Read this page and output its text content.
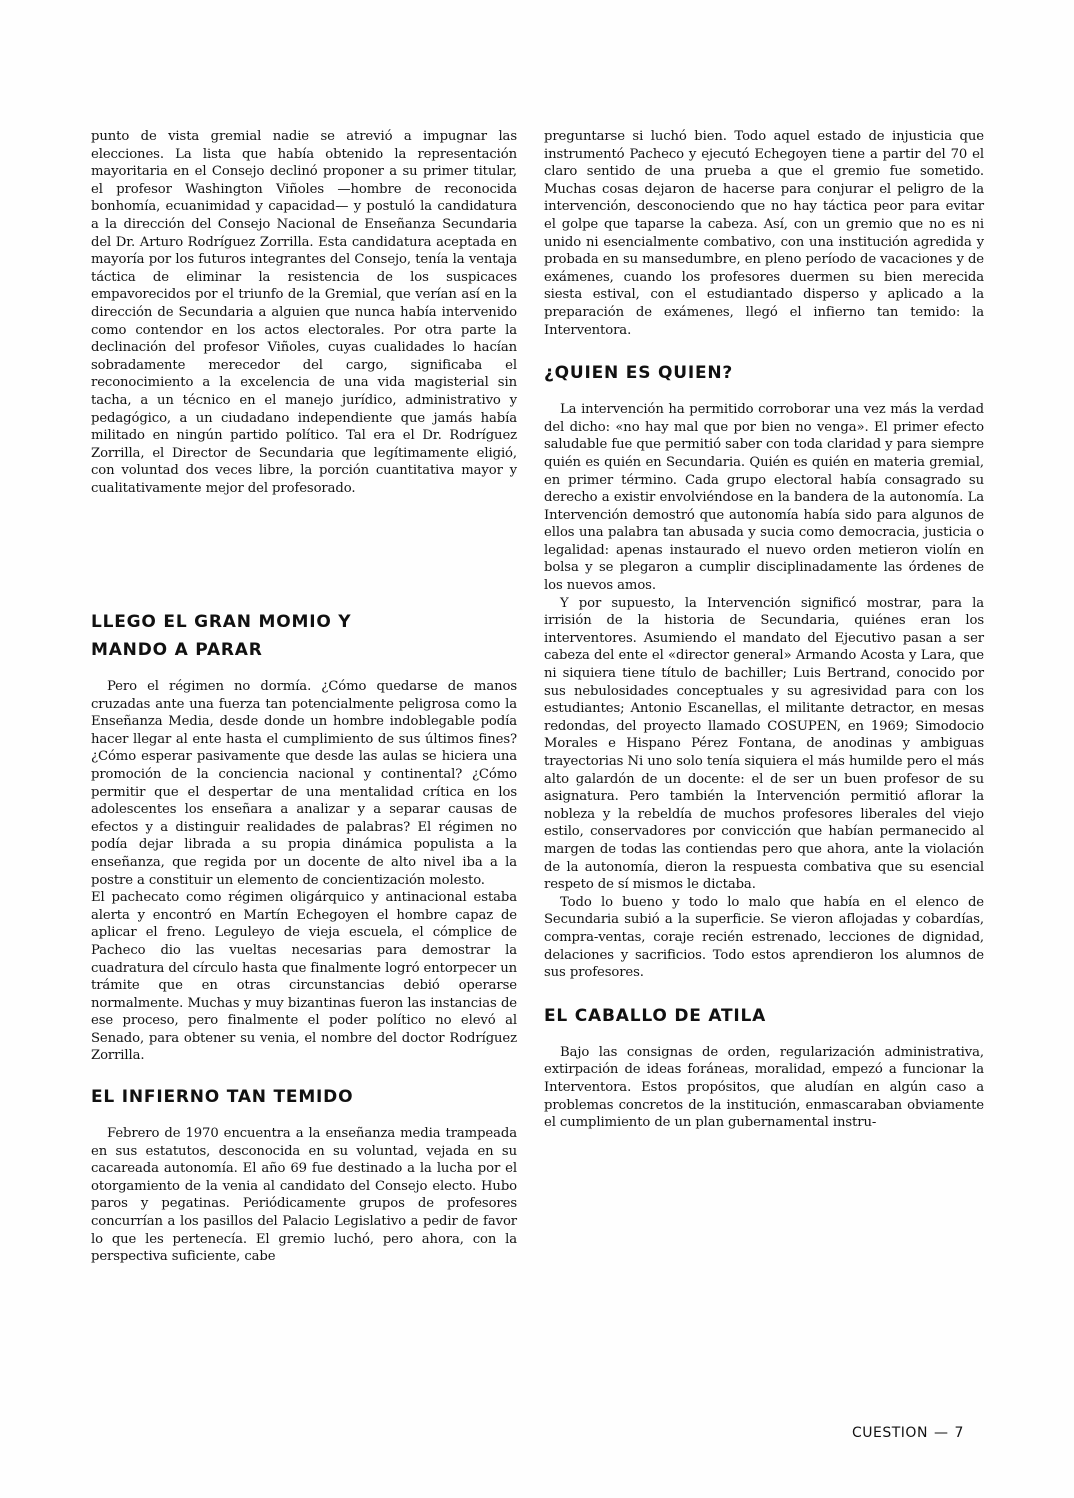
punto de vista gremial nadie se atrevió a impugnar las elecciones. La lista que había obtenido la representación mayoritaria en el Consejo declinó proponer a su primer titular, el profesor Washington Viñoles —hombre de reconocida bonhomía, ecuanimidad y capacidad— y postuló la candidatura a la dirección del Consejo Nacional de Enseñanza Secundaria del Dr. Arturo Rodríguez Zorrilla. Esta candidatura aceptada en mayoría por los futuros integrantes del Consejo, tenía la ventaja táctica de eliminar la resistencia de los suspicaces empavorecidos por el triunfo de la Gremial, que verían así en la dirección de Secundaria a alguien que nunca había intervenido como contendor en los actos electorales. Por otra parte la declinación del profesor Viñoles, cuyas cualidades lo hacían sobradamente merecedor del cargo, significaba el reconocimiento a la excelencia de una vida magisterial sin tacha, a un técnico en el manejo jurídico, administrativo y pedagógico, a un ciudadano independiente que jamás había militado en ningún partido político. Tal era el Dr. Rodríguez Zorrilla, el Director de Secundaria que legítimamente eligió, con voluntad dos veces libre, la porción cuantitativa mayor y cualitativamente mejor del profesorado.

LLEGO EL GRAN MOMIO Y MANDO A PARAR

Pero el régimen no dormía. ¿Cómo quedarse de manos cruzadas ante una fuerza tan potencialmente peligrosa como la Enseñanza Media, desde donde un hombre indoblegable podía hacer llegar al ente hasta el cumplimiento de sus últimos fines? ¿Cómo esperar pasivamente que desde las aulas se hiciera una promoción de la conciencia nacional y continental? ¿Cómo permitir que el despertar de una mentalidad crítica en los adolescentes los enseñara a analizar y a separar causas de efectos y a distinguir realidades de palabras? El régimen no podía dejar librada a su propia dinámica populista a la enseñanza, que regida por un docente de alto nivel iba a la postre a constituir un elemento de concientización molesto.

El pachecato como régimen oligárquico y antinacional estaba alerta y encontró en Martín Echegoyen el hombre capaz de aplicar el freno. Leguleyo de vieja escuela, el cómplice de Pacheco dio las vueltas necesarias para demostrar la cuadratura del círculo hasta que finalmente logró entorpecer un trámite que en otras circunstancias debió operarse normalmente. Muchas y muy bizantinas fueron las instancias de ese proceso, pero finalmente el poder político no elevó al Senado, para obtener su venia, el nombre del doctor Rodríguez Zorrilla.

EL INFIERNO TAN TEMIDO

Febrero de 1970 encuentra a la enseñanza media trampeada en sus estatutos, desconocida en su voluntad, vejada en su cacareada autonomía. El año 69 fue destinado a la lucha por el otorgamiento de la venia al candidato del Consejo electo. Hubo paros y pegatinas. Periódicamente grupos de profesores concurrían a los pasillos del Palacio Legislativo a pedir de favor lo que les pertenecía. El gremio luchó, pero ahora, con la perspectiva suficiente, cabe

preguntarse si luchó bien. Todo aquel estado de injusticia que instrumentó Pacheco y ejecutó Echegoyen tiene a partir del 70 el claro sentido de una prueba a que el gremio fue sometido. Muchas cosas dejaron de hacerse para conjurar el peligro de la intervención, desconociendo que no hay táctica peor para evitar el golpe que taparse la cabeza. Así, con un gremio que no es ni unido ni esencialmente combativo, con una institución agredida y probada en su mansedumbre, en pleno período de vacaciones y de exámenes, cuando los profesores duermen su bien merecida siesta estival, con el estudiantado disperso y aplicado a la preparación de exámenes, llegó el infierno tan temido: la Interventora.

¿QUIEN ES QUIEN?

La intervención ha permitido corroborar una vez más la verdad del dicho: «no hay mal que por bien no venga». El primer efecto saludable fue que permitió saber con toda claridad y para siempre quién es quién en Secundaria. Quién es quién en materia gremial, en primer término. Cada grupo electoral había consagrado su derecho a existir envolviéndose en la bandera de la autonomía. La Intervención demostró que autonomía había sido para algunos de ellos una palabra tan abusada y sucia como democracia, justicia o legalidad: apenas instaurado el nuevo orden metieron violín en bolsa y se plegaron a cumplir disciplinadamente las órdenes de los nuevos amos.

Y por supuesto, la Intervención significó mostrar, para la irrisión de la historia de Secundaria, quiénes eran los interventores. Asumiendo el mandato del Ejecutivo pasan a ser cabeza del ente el «director general» Armando Acosta y Lara, que ni siquiera tiene título de bachiller; Luis Bertrand, conocido por sus nebulosidades conceptuales y su agresividad para con los estudiantes; Antonio Escanellas, el militante detractor, en mesas redondas, del proyecto llamado COSUPEN, en 1969; Simodocio Morales e Hispano Pérez Fontana, de anodinas y ambiguas trayectorias Ni uno solo tenía siquiera el más humilde pero el más alto galardón de un docente: el de ser un buen profesor de su asignatura. Pero también la Intervención permitió aflorar la nobleza y la rebeldía de muchos profesores liberales del viejo estilo, conservadores por convicción que habían permanecido al margen de todas las contiendas pero que ahora, ante la violación de la autonomía, dieron la respuesta combativa que su esencial respeto de sí mismos le dictaba.

Todo lo bueno y todo lo malo que había en el elenco de Secundaria subió a la superficie. Se vieron aflojadas y cobardías, compra-ventas, coraje recién estrenado, lecciones de dignidad, delaciones y sacrificios. Todo estos aprendieron los alumnos de sus profesores.

EL CABALLO DE ATILA

Bajo las consignas de orden, regularización administrativa, extirpación de ideas foráneas, moralidad, empezó a funcionar la Interventora. Estos propósitos, que aludían en algún caso a problemas concretos de la institución, enmascaraban obviamente el cumplimiento de un plan gubernamental instru-

CUESTION — 7
